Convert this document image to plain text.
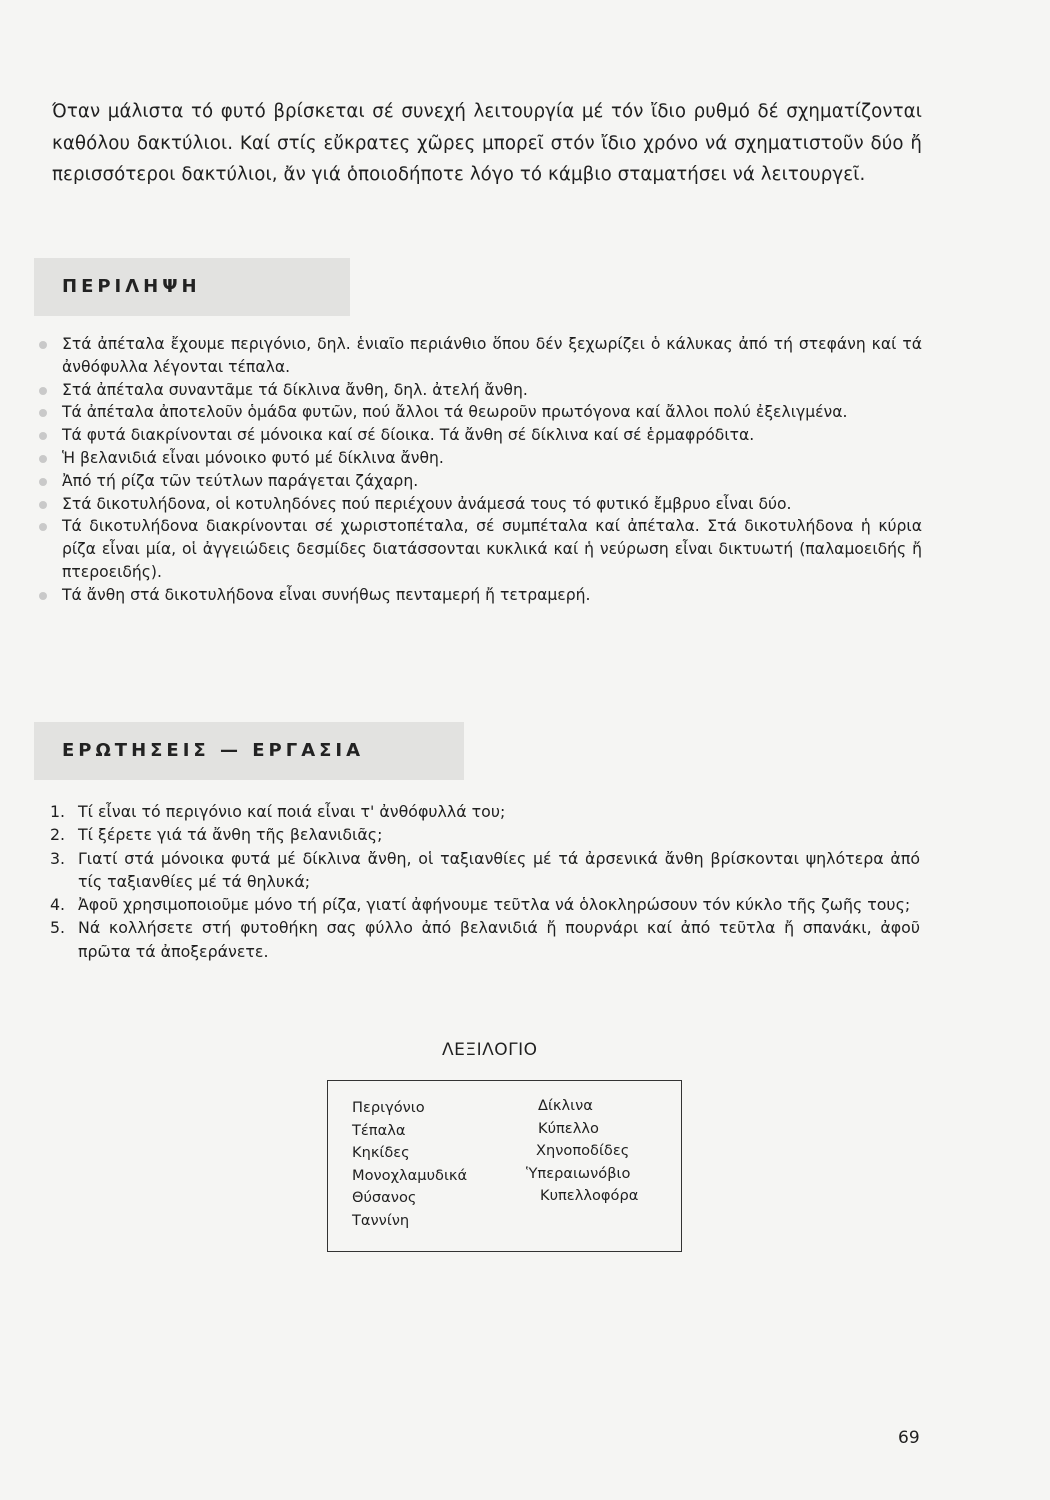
Όταν μάλιστα τό φυτό βρίσκεται σέ συνεχή λειτουργία μέ τόν ἴδιο ρυθμό δέ σχηματίζονται καθόλου δακτύλιοι. Καί στίς εὔκρατες χῶρες μπορεῖ στόν ἴδιο χρόνο νά σχηματιστοῦν δύο ἤ περισσότεροι δακτύλιοι, ἄν γιά ὁποιοδήποτε λόγο τό κάμβιο σταματήσει νά λειτουργεῖ.

ΠΕΡΙΛΗΨΗ
Στά ἀπέταλα ἔχουμε περιγόνιο, δηλ. ἑνιαῖο περιάνθιο ὅπου δέν ξεχωρίζει ὁ κάλυκας ἀπό τή στεφάνη καί τά ἀνθόφυλλα λέγονται τέπαλα.
Στά ἀπέταλα συναντᾶμε τά δίκλινα ἄνθη, δηλ. ἀτελή ἄνθη.
Τά ἀπέταλα ἀποτελοῦν ὁμάδα φυτῶν, πού ἄλλοι τά θεωροῦν πρωτόγονα καί ἄλλοι πολύ ἐξελιγμένα.
Τά φυτά διακρίνονται σέ μόνοικα καί σέ δίοικα. Τά ἄνθη σέ δίκλινα καί σέ ἑρμαφρόδιτα.
Ἡ βελανιδιά εἶναι μόνοικο φυτό μέ δίκλινα ἄνθη.
Ἀπό τή ρίζα τῶν τεύτλων παράγεται ζάχαρη.
Στά δικοτυλήδονα, οἱ κοτυληδόνες πού περιέχουν ἀνάμεσά τους τό φυτικό ἔμβρυο εἶναι δύο.
Τά δικοτυλήδονα διακρίνονται σέ χωριστοπέταλα, σέ συμπέταλα καί ἀπέταλα. Στά δικοτυλήδονα ἡ κύρια ρίζα εἶναι μία, οἱ ἀγγειώδεις δεσμίδες διατάσσονται κυκλικά καί ἡ νεύρωση εἶναι δικτυωτή (παλαμοειδής ἤ πτεροειδής).
Τά ἄνθη στά δικοτυλήδονα εἶναι συνήθως πενταμερή ἤ τετραμερή.
ΕΡΩΤΗΣΕΙΣ — ΕΡΓΑΣΙΑ
1. Τί εἶναι τό περιγόνιο καί ποιά εἶναι τ' ἀνθόφυλλά του;
2. Τί ξέρετε γιά τά ἄνθη τῆς βελανιδιᾶς;
3. Γιατί στά μόνοικα φυτά μέ δίκλινα ἄνθη, οἱ ταξιανθίες μέ τά ἀρσενικά ἄνθη βρίσκονται ψηλότερα ἀπό τίς ταξιανθίες μέ τά θηλυκά;
4. Ἀφοῦ χρησιμοποιοῦμε μόνο τή ρίζα, γιατί ἀφήνουμε τεῦτλα νά ὁλοκληρώσουν τόν κύκλο τῆς ζωῆς τους;
5. Νά κολλήσετε στή φυτοθήκη σας φύλλο ἀπό βελανιδιά ἤ πουρνάρι καί ἀπό τεῦτλα ἤ σπανάκι, ἀφοῦ πρῶτα τά ἀποξεράνετε.
ΛΕΞΙΛΟΓΙΟ
Περιγόνιο
Τέπαλα
Κηκίδες
Μονοχλαμυδικά
Θύσανος
Ταννίνη
Δίκλινα
Κύπελλο
Χηνοποδίδες
Ὑπεραιωνόβιο
Κυπελλοφόρα
69
